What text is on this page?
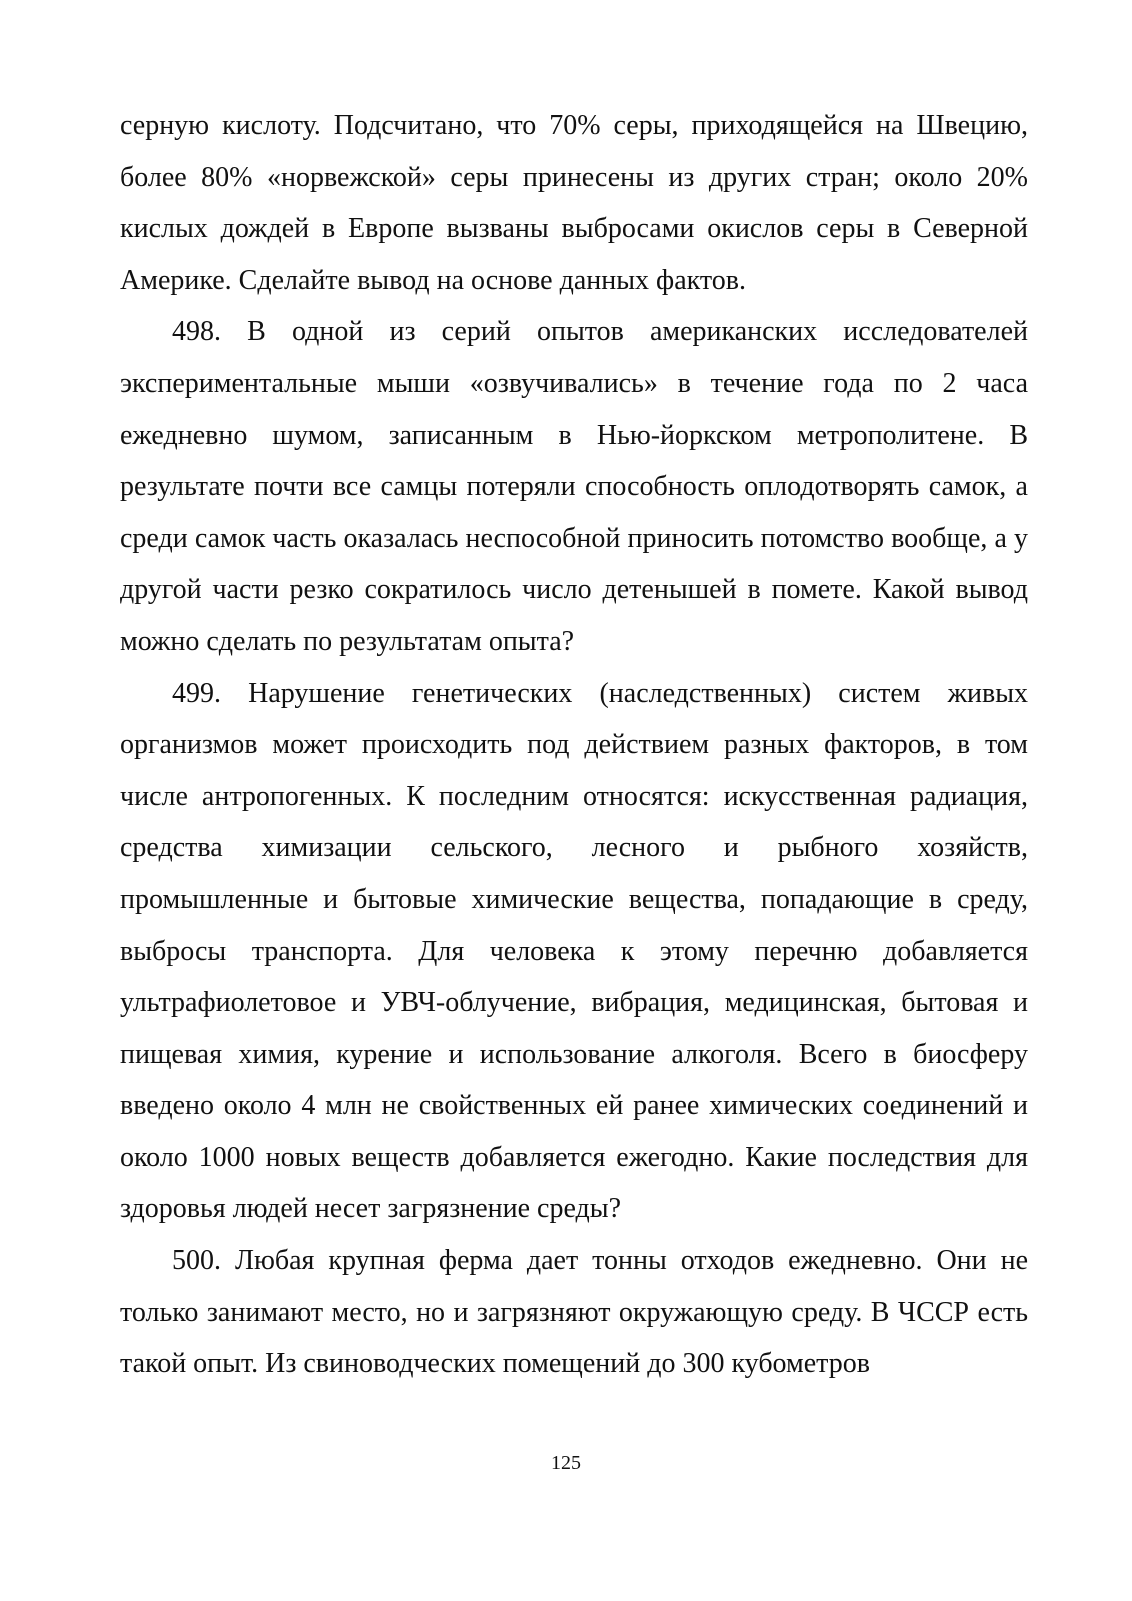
серную кислоту. Подсчитано, что 70% серы, приходящейся на Швецию, более 80% «норвежской» серы принесены из других стран; около 20% кислых дождей в Европе вызваны выбросами окислов серы в Северной Америке. Сделайте вывод на основе данных фактов.

498. В одной из серий опытов американских исследователей экспериментальные мыши «озвучивались» в течение года по 2 часа ежедневно шумом, записанным в Нью-йоркском метрополитене. В результате почти все самцы потеряли способность оплодотворять самок, а среди самок часть оказалась неспособной приносить потомство вообще, а у другой части резко сократилось число детенышей в помете. Какой вывод можно сделать по результатам опыта?

499. Нарушение генетических (наследственных) систем живых организмов может происходить под действием разных факторов, в том числе антропогенных. К последним относятся: искусственная радиация, средства химизации сельского, лесного и рыбного хозяйств, промышленные и бытовые химические вещества, попадающие в среду, выбросы транспорта. Для человека к этому перечню добавляется ультрафиолетовое и УВЧ-облучение, вибрация, медицинская, бытовая и пищевая химия, курение и использование алкоголя. Всего в биосферу введено около 4 млн не свойственных ей ранее химических соединений и около 1000 новых веществ добавляется ежегодно. Какие последствия для здоровья людей несет загрязнение среды?

500. Любая крупная ферма дает тонны отходов ежедневно. Они не только занимают место, но и загрязняют окружающую среду. В ЧССР есть такой опыт. Из свиноводческих помещений до 300 кубометров

125
